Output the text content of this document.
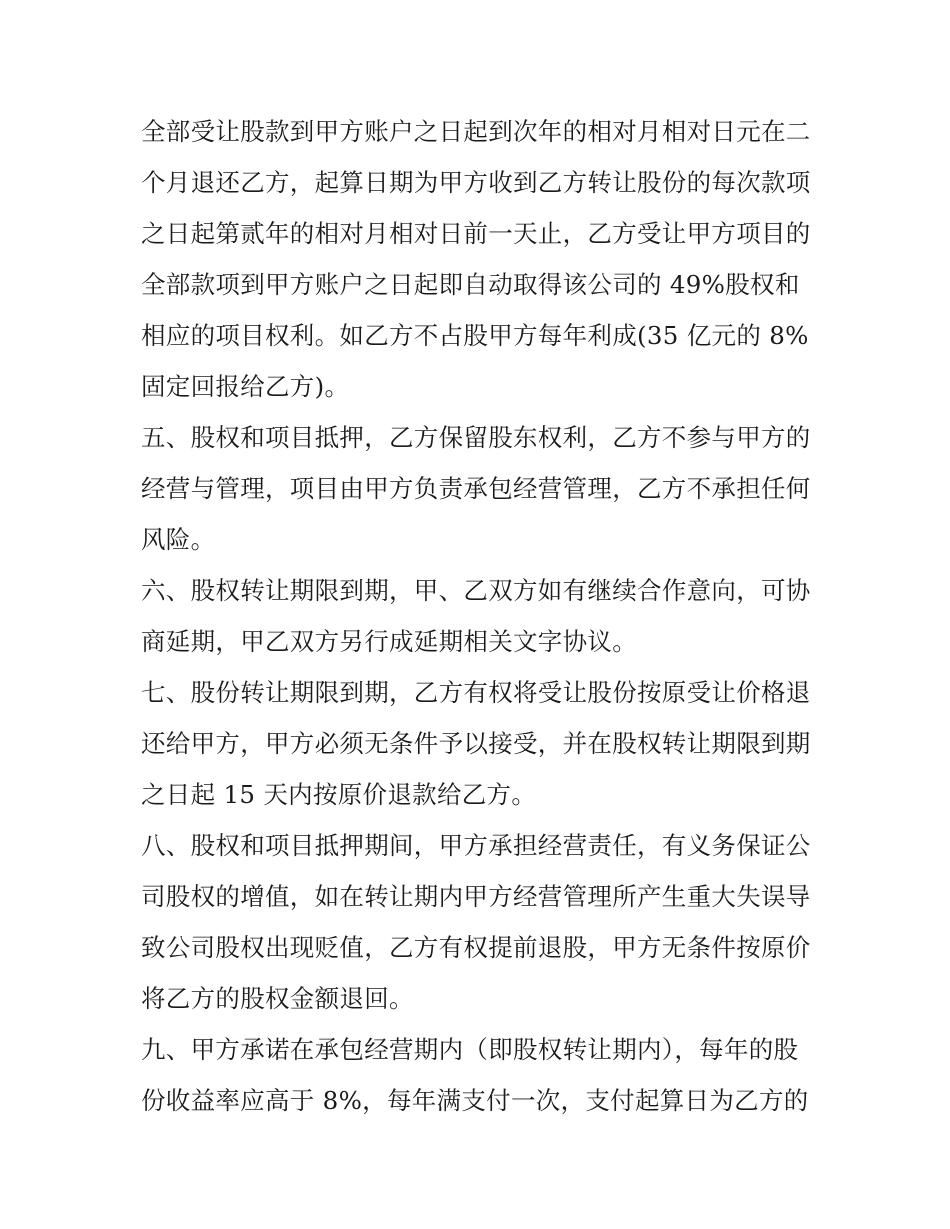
全部受让股款到甲方账户之日起到次年的相对月相对日元在二
个月退还乙方，起算日期为甲方收到乙方转让股份的每次款项
之日起第贰年的相对月相对日前一天止，乙方受让甲方项目的
全部款项到甲方账户之日起即自动取得该公司的 49%股权和
相应的项目权利。如乙方不占股甲方每年利成(35 亿元的 8%
固定回报给乙方)。
五、股权和项目抵押，乙方保留股东权利，乙方不参与甲方的
经营与管理，项目由甲方负责承包经营管理，乙方不承担任何
风险。
六、股权转让期限到期，甲、乙双方如有继续合作意向，可协
商延期，甲乙双方另行成延期相关文字协议。
七、股份转让期限到期，乙方有权将受让股份按原受让价格退
还给甲方，甲方必须无条件予以接受，并在股权转让期限到期
之日起 15 天内按原价退款给乙方。
八、股权和项目抵押期间，甲方承担经营责任，有义务保证公
司股权的增值，如在转让期内甲方经营管理所产生重大失误导
致公司股权出现贬值，乙方有权提前退股，甲方无条件按原价
将乙方的股权金额退回。
九、甲方承诺在承包经营期内（即股权转让期内），每年的股
份收益率应高于 8%，每年满支付一次，支付起算日为乙方的
